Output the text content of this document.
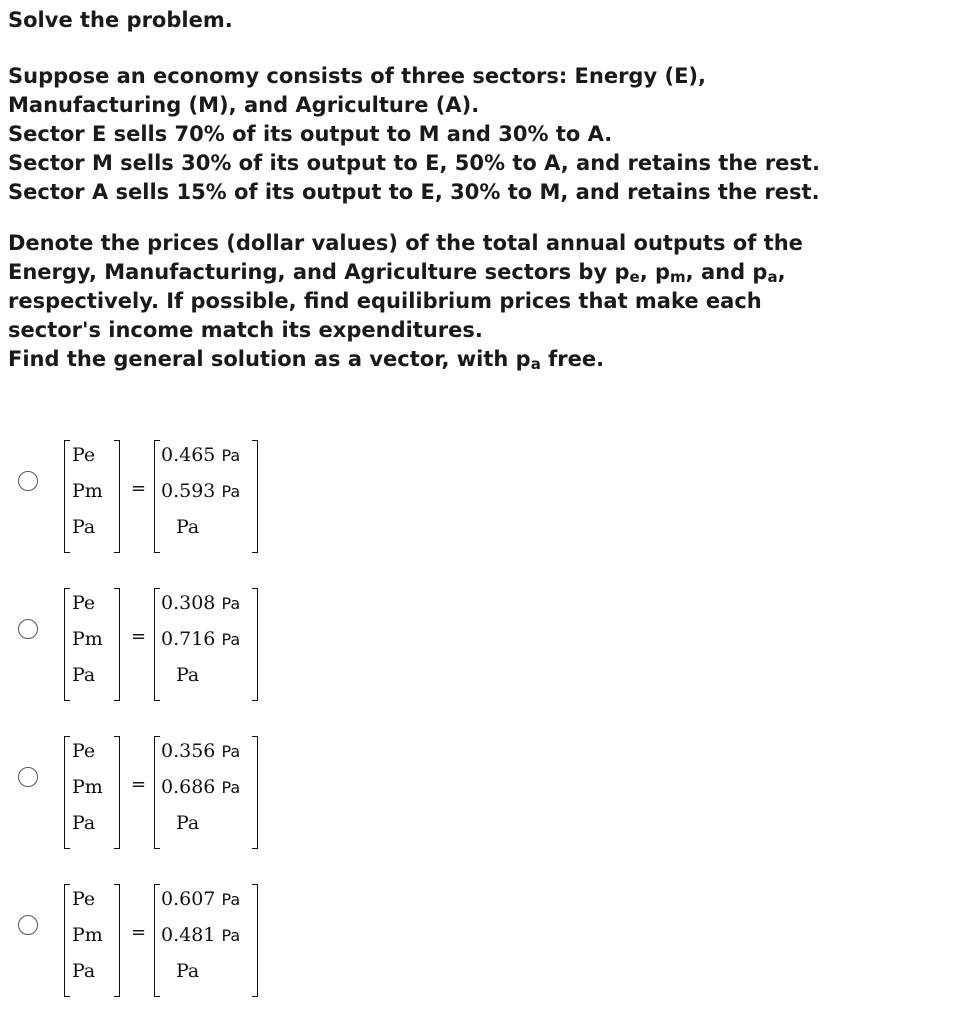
Solve the problem.

Suppose an economy consists of three sectors: Energy (E),
Manufacturing (M), and Agriculture (A).
Sector E sells 70% of its output to M and 30% to A.
Sector M sells 30% of its output to E, 50% to A, and retains the rest.
Sector A sells 15% of its output to E, 30% to M, and retains the rest.
Denote the prices (dollar values) of the total annual outputs of the
Energy, Manufacturing, and Agriculture sectors by $p_e$, $p_m$, and $p_a$,
respectively. If possible, find equilibrium prices that make each
sector's income match its expenditures.
Find the general solution as a vector, with $p_a$ free.
Pe
Pm
Pa
=
0.465 Pa
0.593 Pa
Pa
Pe
Pm
Pa
=
0.308 Pa
0.716 Pa
Pa
Pe
Pm
Pa
=
0.356 Pa
0.686 Pa
Pa
Pe
Pm
Pa
=
0.607 Pa
0.481 Pa
Pa
